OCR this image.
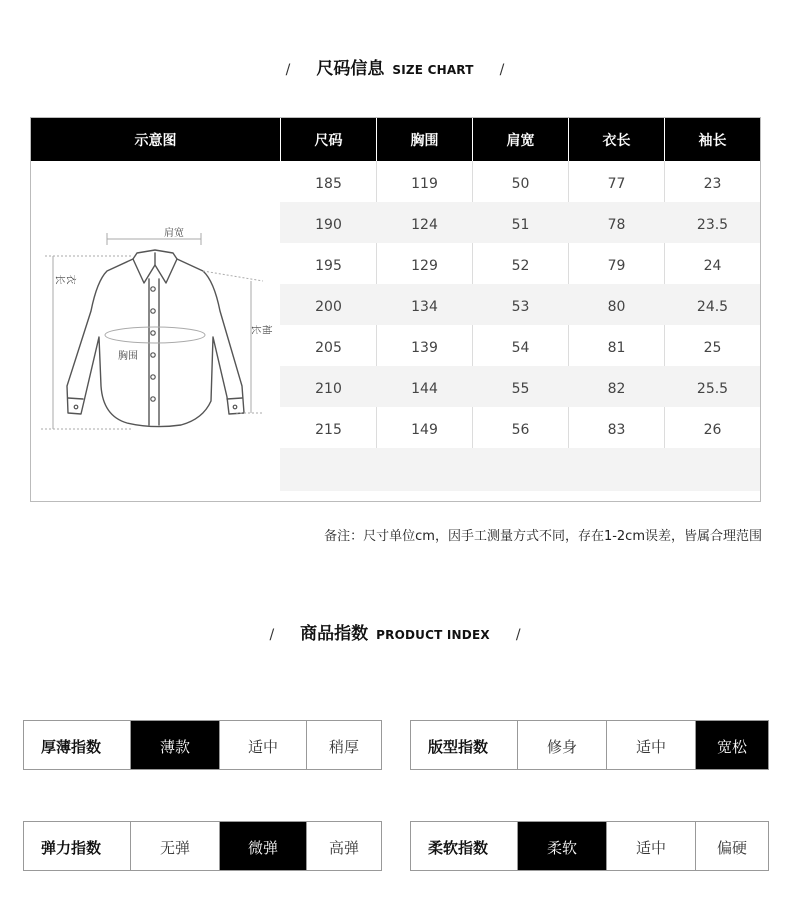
/ 尺码信息 SIZE CHART /
示意图	尺码	胸围	肩宽	衣长	袖长
肩宽
衣长
胸围
袖长
185	119	50	77	23
190	124	51	78	23.5
195	129	52	79	24
200	134	53	80	24.5
205	139	54	81	25
210	144	55	82	25.5
215	149	56	83	26
备注：尺寸单位cm，因手工测量方式不同，存在1-2cm误差，皆属合理范围
/ 商品指数 PRODUCT INDEX /
厚薄指数	薄款	适中	稍厚	版型指数	修身	适中	宽松
弹力指数	无弹	微弹	高弹	柔软指数	柔软	适中	偏硬
